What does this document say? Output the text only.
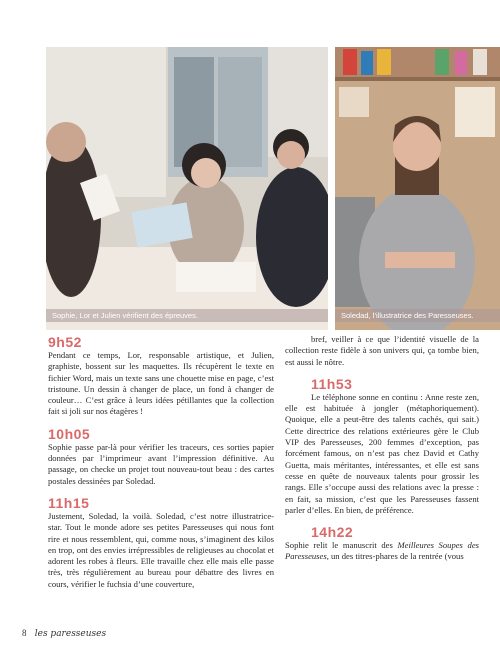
Sophie, Lor et Julien vérifient des épreuves.	Soledad, l’illustratrice des Paresseuses.
9h52

Pendant ce temps, Lor, responsable artistique, et Julien, graphiste, bossent sur les maquettes. Ils récupèrent le texte en fichier Word, mais un texte sans une chouette mise en page, c’est tristoune. Un dessin à changer de place, un fond à changer de couleur… C’est grâce à leurs idées pétillantes que la collection fait si joli sur nos étagères !

10h05

Sophie passe par-là pour vérifier les traceurs, ces sorties papier données par l’imprimeur avant l’impression définitive. Au passage, on checke un projet tout nouveau-tout beau : des cartes postales dessinées par Soledad.

11h15

Justement, Soledad, la voilà. Soledad, c’est notre illustratrice-star. Tout le monde adore ses petites Paresseuses qui nous font rire et nous ressemblent, qui, comme nous, s’imaginent des kilos en trop, ont des envies irrépressibles de religieuses au chocolat et adorent les robes à fleurs. Elle travaille chez elle mais elle passe très, très régulièrement au bureau pour débattre des livres en cours, vérifier le fuchsia d’une couverture,

bref, veiller à ce que l’identité visuelle de la collection reste fidèle à son univers qui, ça tombe bien, est aussi le nôtre.

11h53

Le téléphone sonne en continu : Anne reste zen, elle est habituée à jongler (métaphoriquement). Quoique, elle a peut-être des talents cachés, qui sait.) Cette directrice des relations extérieures gère le Club VIP des Paresseuses, 200 femmes d’exception, pas forcément famous, on n’est pas chez David et Cathy Guetta, mais méritantes, intéressantes, et elle est sans cesse en quête de nouveaux talents pour grossir les rangs. Elle s’occupe aussi des relations avec la presse : en fait, sa mission, c’est que les Paresseuses fassent parler d’elles. En bien, de préférence.

14h22

Sophie relit le manuscrit des Meilleures Soupes des Paresseuses, un des titres-phares de la rentrée (vous

8 les paresseuses
